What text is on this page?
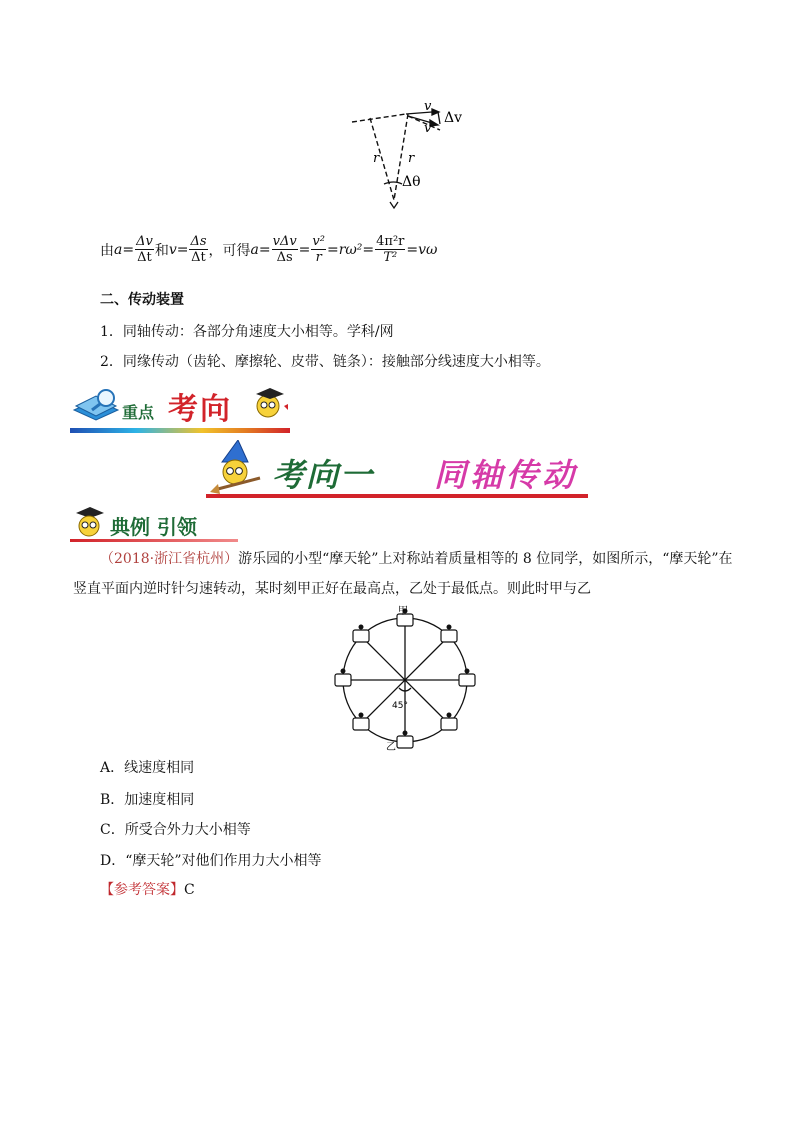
v
v
Δv
r r
Δθ
由 $a= \frac{\Delta v}{\Delta t}$ 和 $v= \frac{\Delta s}{\Delta t}$ ，可得 $a= \frac{\text{vΔv}}{\Delta s} = \frac{\text{v²}}{r} =r\omega^2= \frac{\text{4π²r}}{\text{T²}} =v\omega$
二、传动装置
1．同轴传动：各部分角速度大小相等。学科/网
2．同缘传动（齿轮、摩擦轮、皮带、链条）：接触部分线速度大小相等。
重点 考向
考向一 同轴传动
典例 引领
（2018·浙江省杭州）游乐园的小型“摩天轮”上对称站着质量相等的 8 位同学，如图所示，“摩天轮”在
竖直平面内逆时针匀速转动，某时刻甲正好在最高点，乙处于最低点。则此时甲与乙
甲
乙
45°
A．线速度相同
B．加速度相同
C．所受合外力大小相等
D．“摩天轮”对他们作用力大小相等
【参考答案】C
